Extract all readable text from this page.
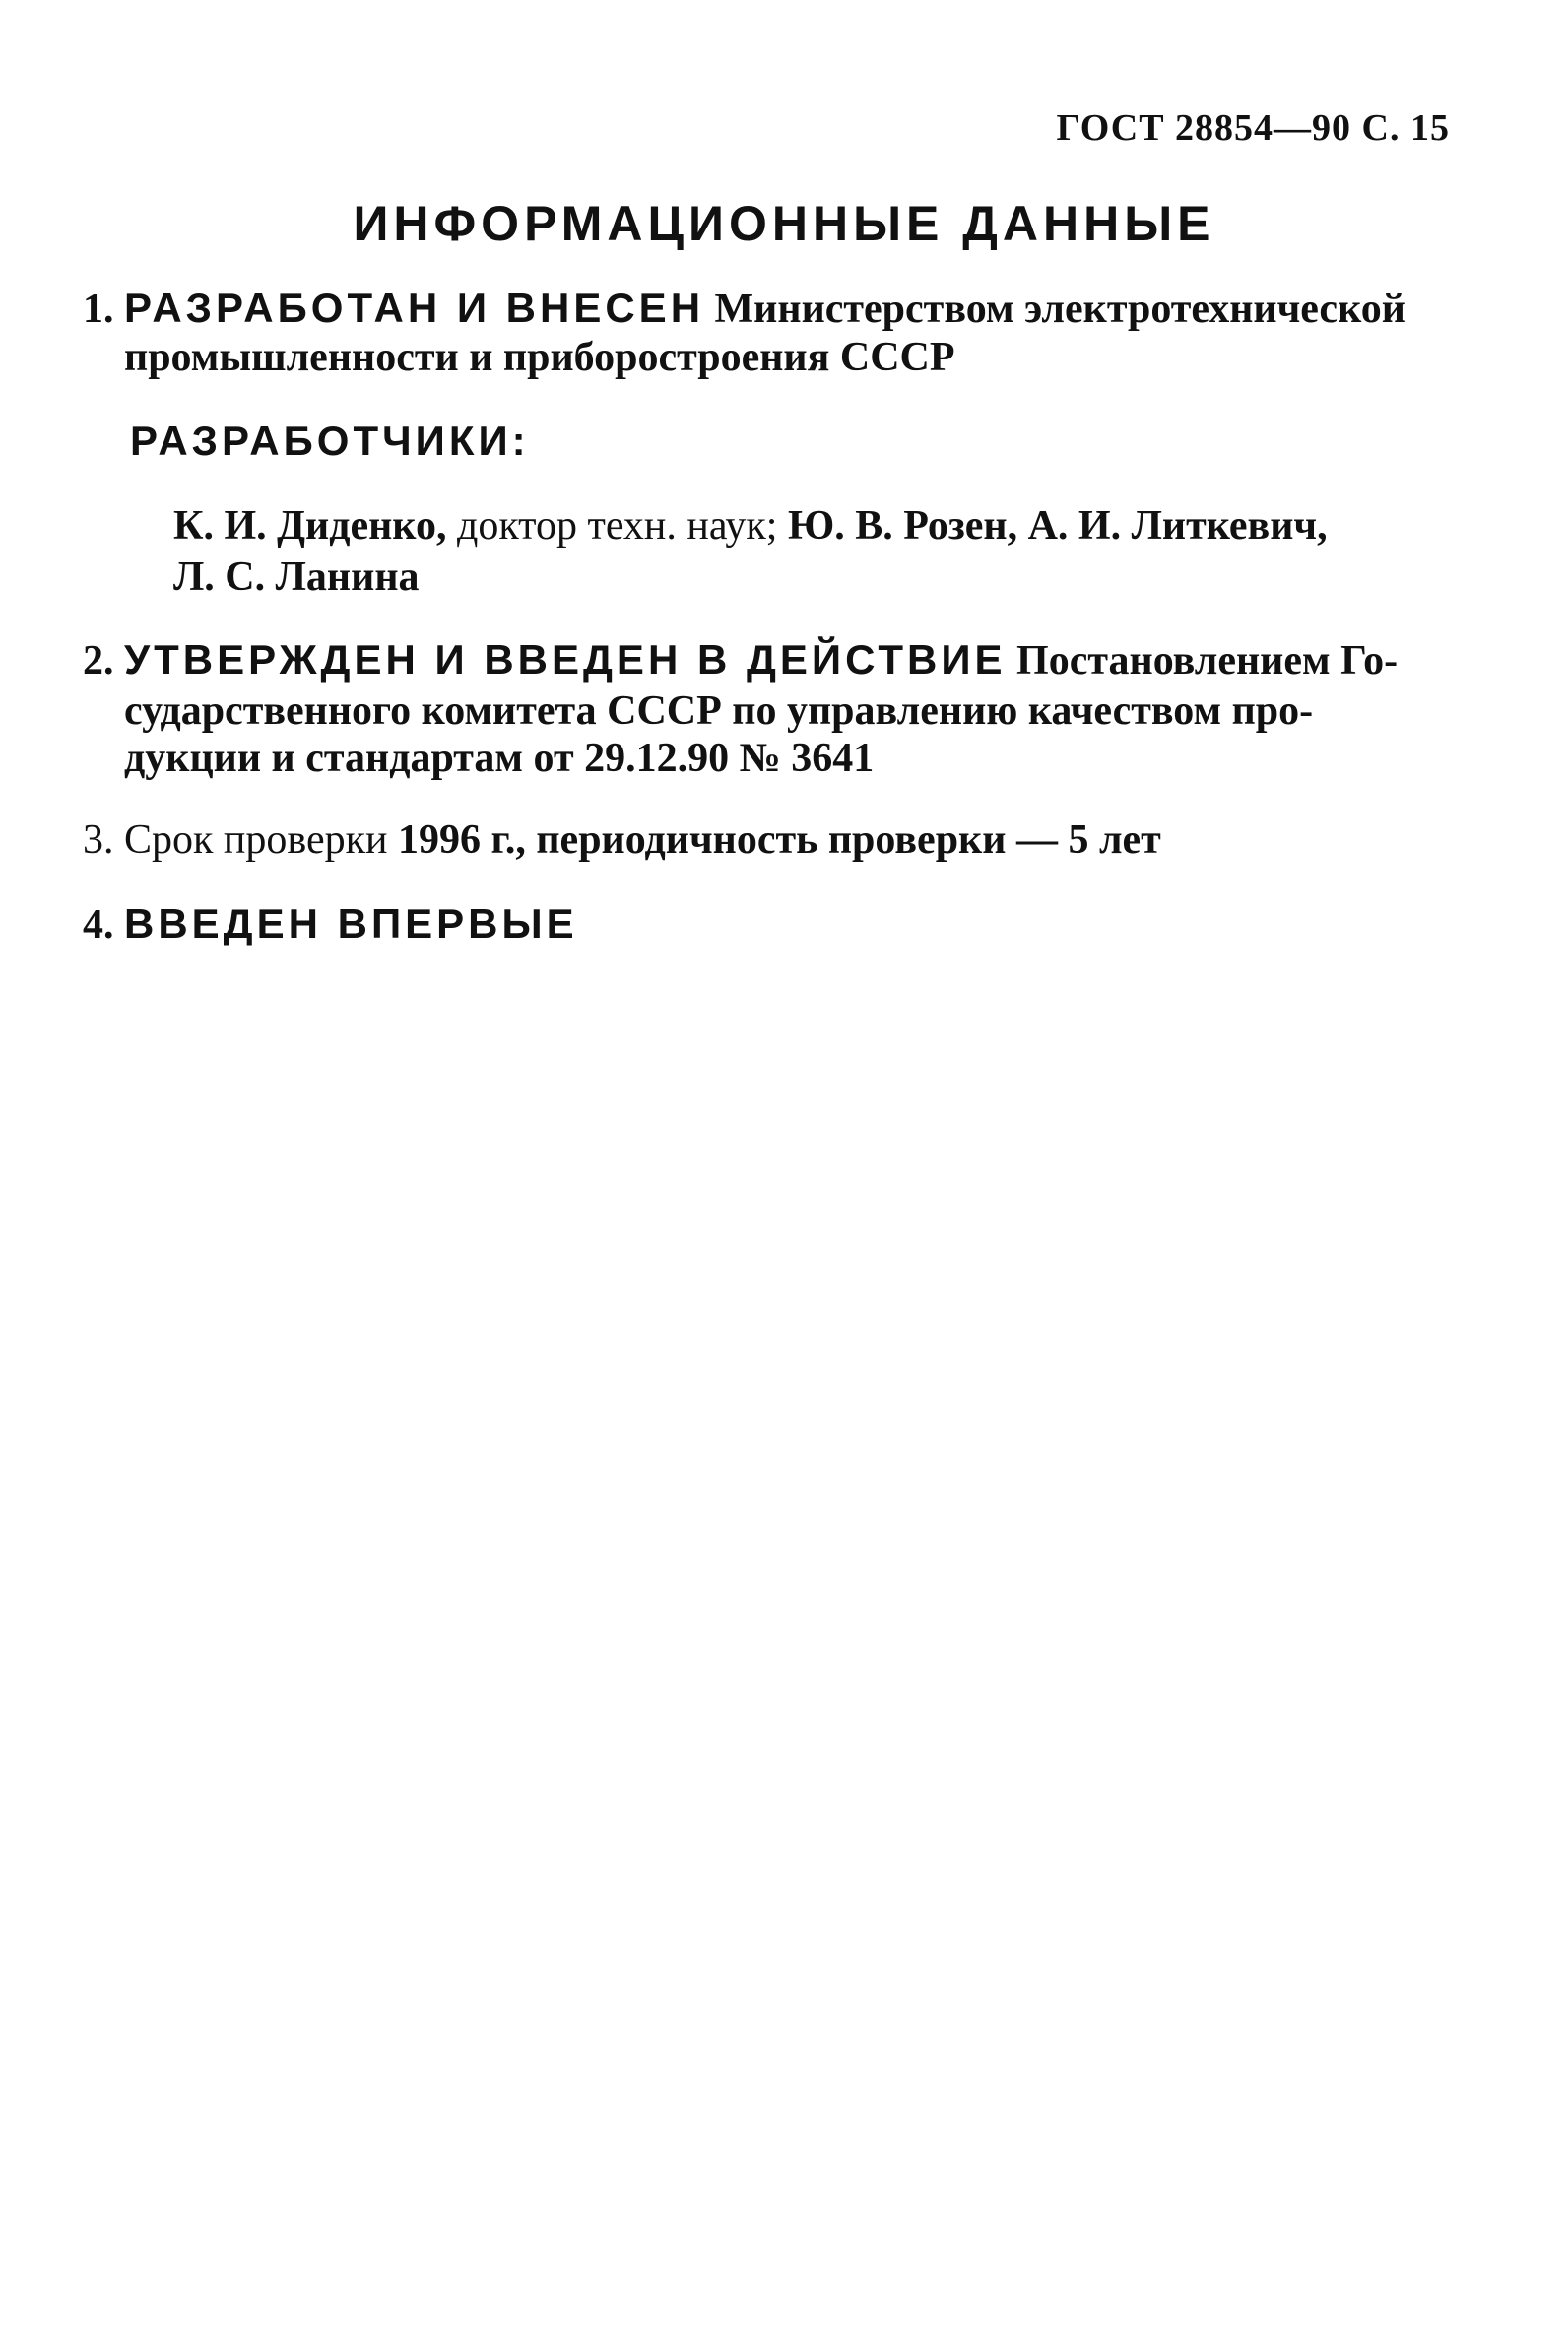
ГОСТ 28854—90 С. 15
ИНФОРМАЦИОННЫЕ ДАННЫЕ
1. РАЗРАБОТАН И ВНЕСЕН Министерством электротехнической
промышленности и приборостроения СССР
РАЗРАБОТЧИКИ:
К. И. Диденко, доктор техн. наук; Ю. В. Розен, А. И. Литкевич,
Л. С. Ланина
2. УТВЕРЖДЕН И ВВЕДЕН В ДЕЙСТВИЕ Постановлением Го-
сударственного комитета СССР по управлению качеством про-
дукции и стандартам от 29.12.90 № 3641
3. Срок проверки 1996 г., периодичность проверки — 5 лет
4. ВВЕДЕН ВПЕРВЫЕ
